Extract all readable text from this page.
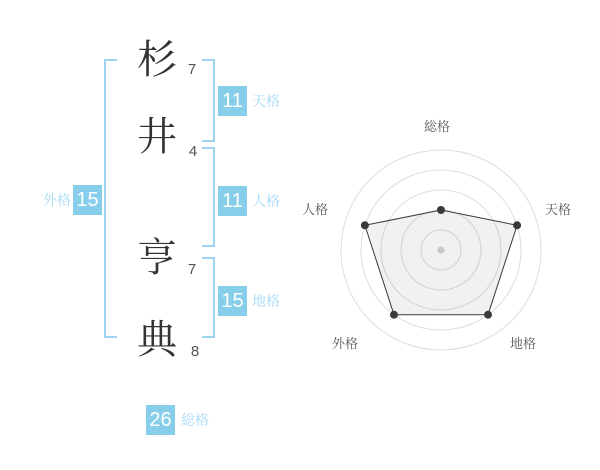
杉
井
亨
典
7
4
7
8
11 天格
11 人格
15 地格
外格 15
26 総格
総格
天格
地格
外格
人格
